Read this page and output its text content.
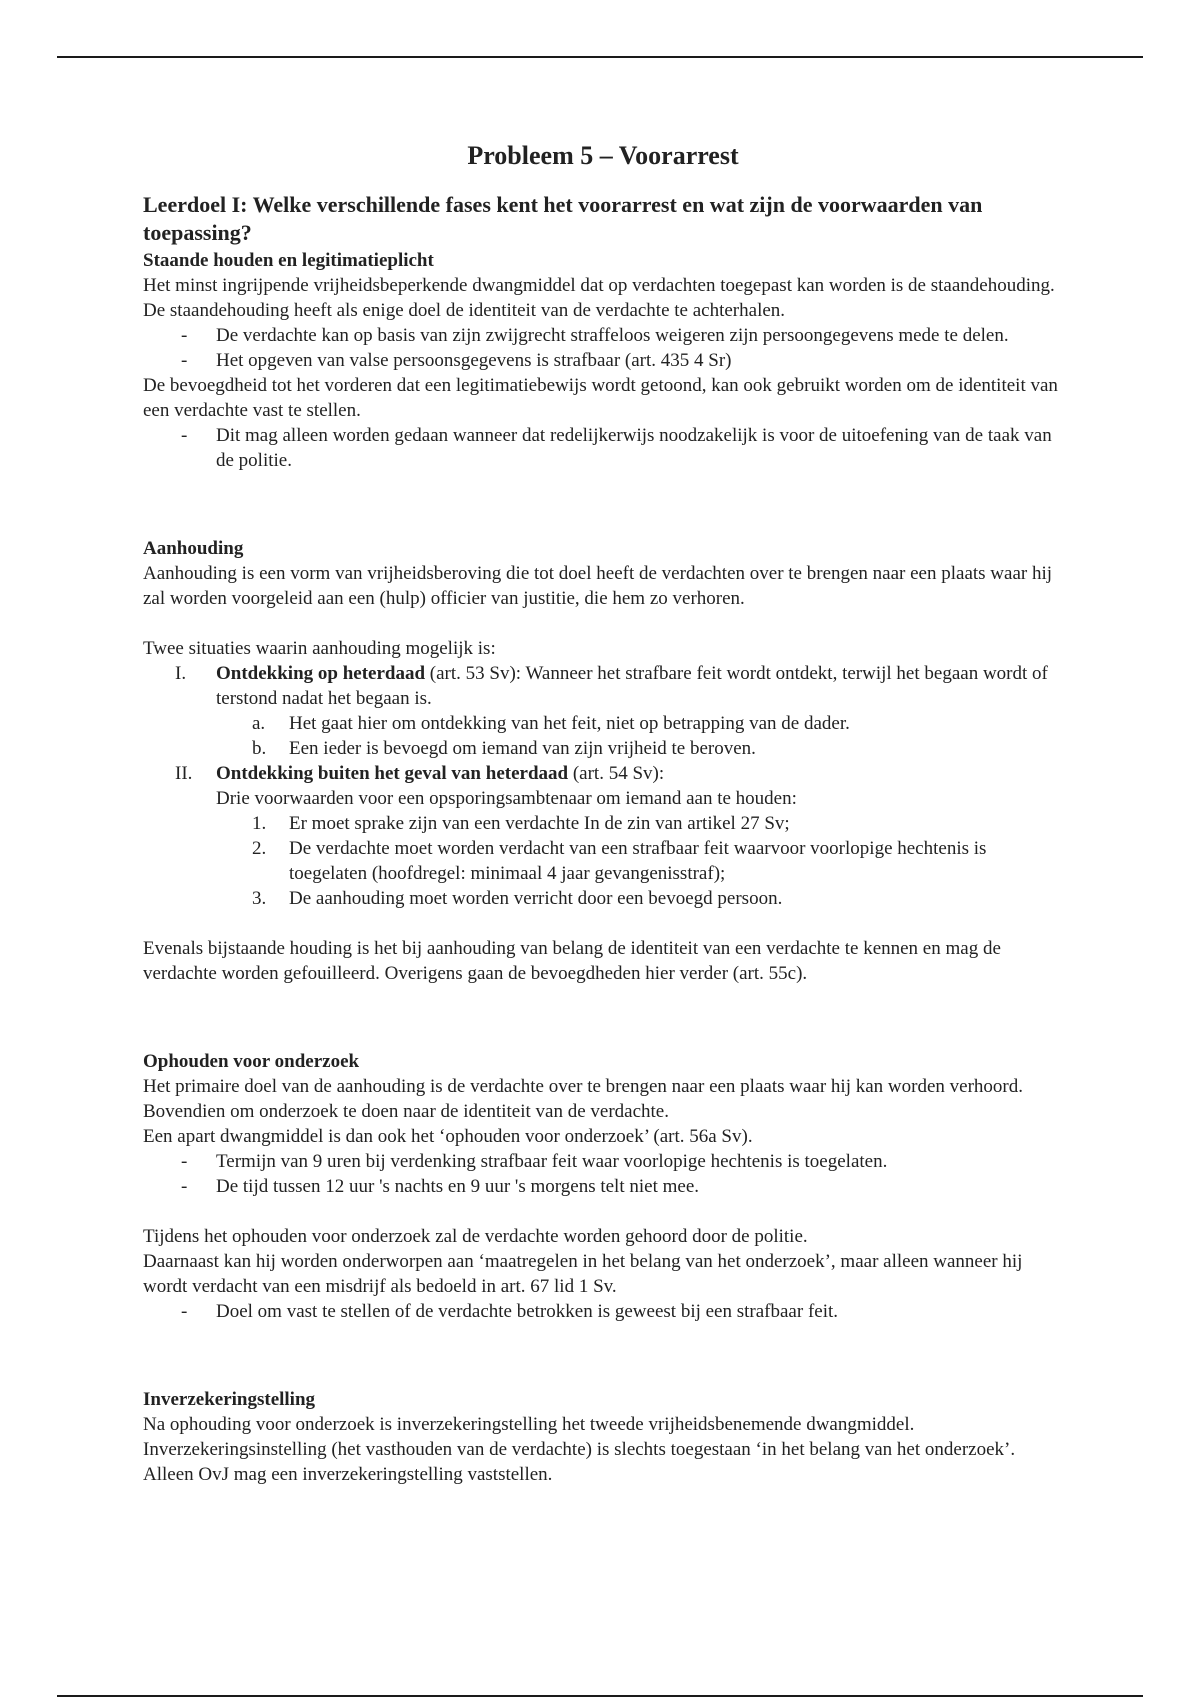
Probleem 5 – Voorarrest
Leerdoel I: Welke verschillende fases kent het voorarrest en wat zijn de voorwaarden van toepassing?
Staande houden en legitimatieplicht

Het minst ingrijpende vrijheidsbeperkende dwangmiddel dat op verdachten toegepast kan worden is de staandehouding. De staandehouding heeft als enige doel de identiteit van de verdachte te achterhalen.

- De verdachte kan op basis van zijn zwijgrecht straffeloos weigeren zijn persoongegevens mede te delen.
- Het opgeven van valse persoonsgegevens is strafbaar (art. 435 4 Sr)

De bevoegdheid tot het vorderen dat een legitimatiebewijs wordt getoond, kan ook gebruikt worden om de identiteit van een verdachte vast te stellen.

- Dit mag alleen worden gedaan wanneer dat redelijkerwijs noodzakelijk is voor de uitoefening van de taak van de politie.
Aanhouding

Aanhouding is een vorm van vrijheidsberoving die tot doel heeft de verdachten over te brengen naar een plaats waar hij zal worden voorgeleid aan een (hulp) officier van justitie, die hem zo verhoren.

Twee situaties waarin aanhouding mogelijk is:

I. Ontdekking op heterdaad (art. 53 Sv): Wanneer het strafbare feit wordt ontdekt, terwijl het begaan wordt of terstond nadat het begaan is.
a. Het gaat hier om ontdekking van het feit, niet op betrapping van de dader.
b. Een ieder is bevoegd om iemand van zijn vrijheid te beroven.
II. Ontdekking buiten het geval van heterdaad (art. 54 Sv):
Drie voorwaarden voor een opsporingsambtenaar om iemand aan te houden:
1. Er moet sprake zijn van een verdachte In de zin van artikel 27 Sv;
2. De verdachte moet worden verdacht van een strafbaar feit waarvoor voorlopige hechtenis is toegelaten (hoofdregel: minimaal 4 jaar gevangenisstraf);
3. De aanhouding moet worden verricht door een bevoegd persoon.

Evenals bijstaande houding is het bij aanhouding van belang de identiteit van een verdachte te kennen en mag de verdachte worden gefouilleerd. Overigens gaan de bevoegdheden hier verder (art. 55c).

Ophouden voor onderzoek

Het primaire doel van de aanhouding is de verdachte over te brengen naar een plaats waar hij kan worden verhoord. Bovendien om onderzoek te doen naar de identiteit van de verdachte.

Een apart dwangmiddel is dan ook het ‘ophouden voor onderzoek’ (art. 56a Sv).

- Termijn van 9 uren bij verdenking strafbaar feit waar voorlopige hechtenis is toegelaten.
- De tijd tussen 12 uur 's nachts en 9 uur 's morgens telt niet mee.

Tijdens het ophouden voor onderzoek zal de verdachte worden gehoord door de politie.

Daarnaast kan hij worden onderworpen aan ‘maatregelen in het belang van het onderzoek’, maar alleen wanneer hij wordt verdacht van een misdrijf als bedoeld in art. 67 lid 1 Sv.

- Doel om vast te stellen of de verdachte betrokken is geweest bij een strafbaar feit.
Inverzekeringstelling

Na ophouding voor onderzoek is inverzekeringstelling het tweede vrijheidsbenemende dwangmiddel. Inverzekeringsinstelling (het vasthouden van de verdachte) is slechts toegestaan ‘in het belang van het onderzoek’. Alleen OvJ mag een inverzekeringstelling vaststellen.
